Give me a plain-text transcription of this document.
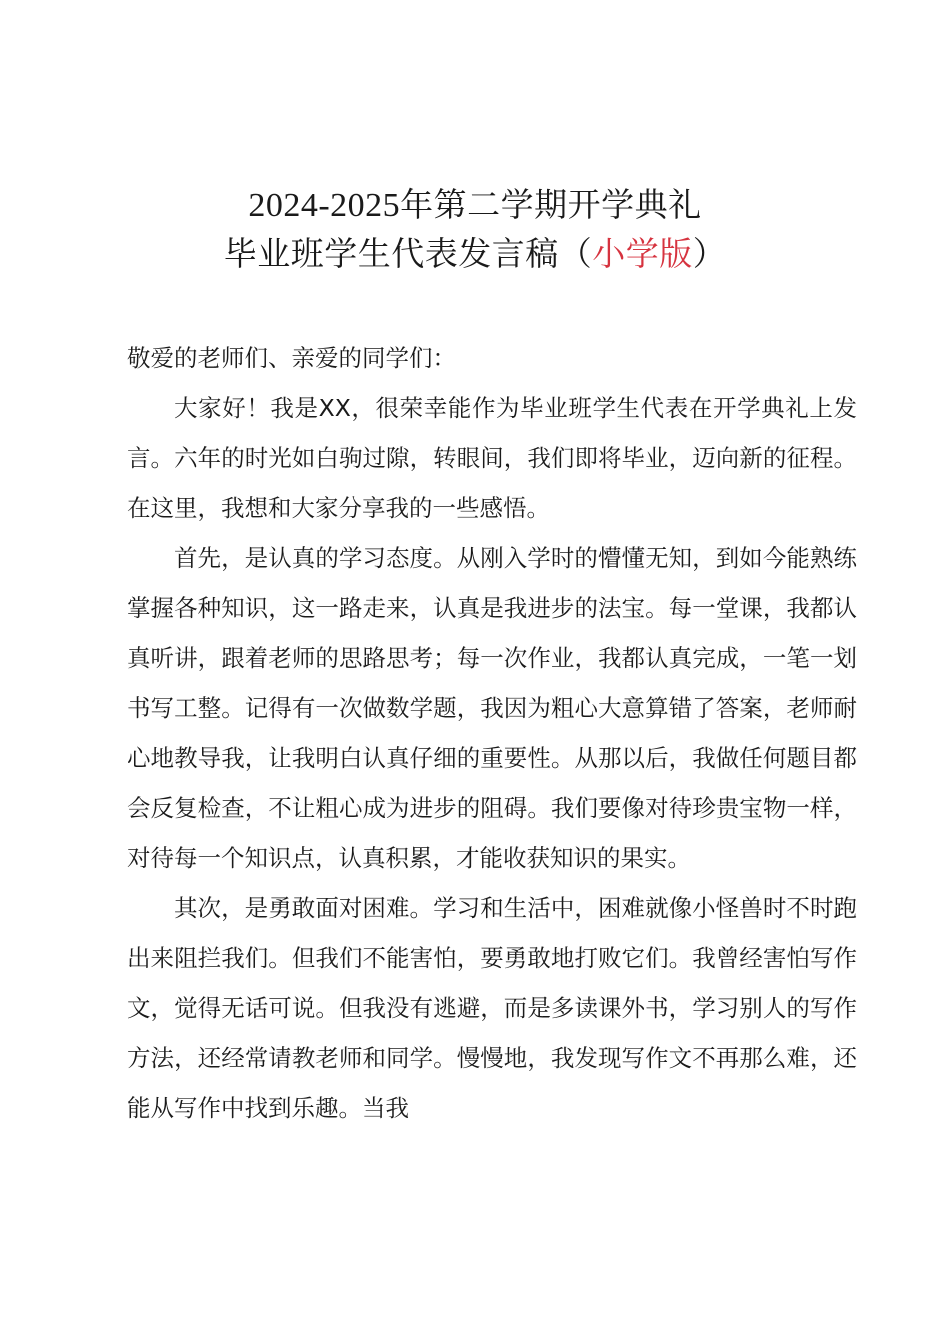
2024-2025年第二学期开学典礼
毕业班学生代表发言稿（小学版）
敬爱的老师们、亲爱的同学们：

大家好！我是XX，很荣幸能作为毕业班学生代表在开学典礼上发言。六年的时光如白驹过隙，转眼间，我们即将毕业，迈向新的征程。在这里，我想和大家分享我的一些感悟。

首先，是认真的学习态度。从刚入学时的懵懂无知，到如今能熟练掌握各种知识，这一路走来，认真是我进步的法宝。每一堂课，我都认真听讲，跟着老师的思路思考；每一次作业，我都认真完成，一笔一划书写工整。记得有一次做数学题，我因为粗心大意算错了答案，老师耐心地教导我，让我明白认真仔细的重要性。从那以后，我做任何题目都会反复检查，不让粗心成为进步的阻碍。我们要像对待珍贵宝物一样，对待每一个知识点，认真积累，才能收获知识的果实。

其次，是勇敢面对困难。学习和生活中，困难就像小怪兽时不时跑出来阻拦我们。但我们不能害怕，要勇敢地打败它们。我曾经害怕写作文，觉得无话可说。但我没有逃避，而是多读课外书，学习别人的写作方法，还经常请教老师和同学。慢慢地，我发现写作文不再那么难，还能从写作中找到乐趣。当我
